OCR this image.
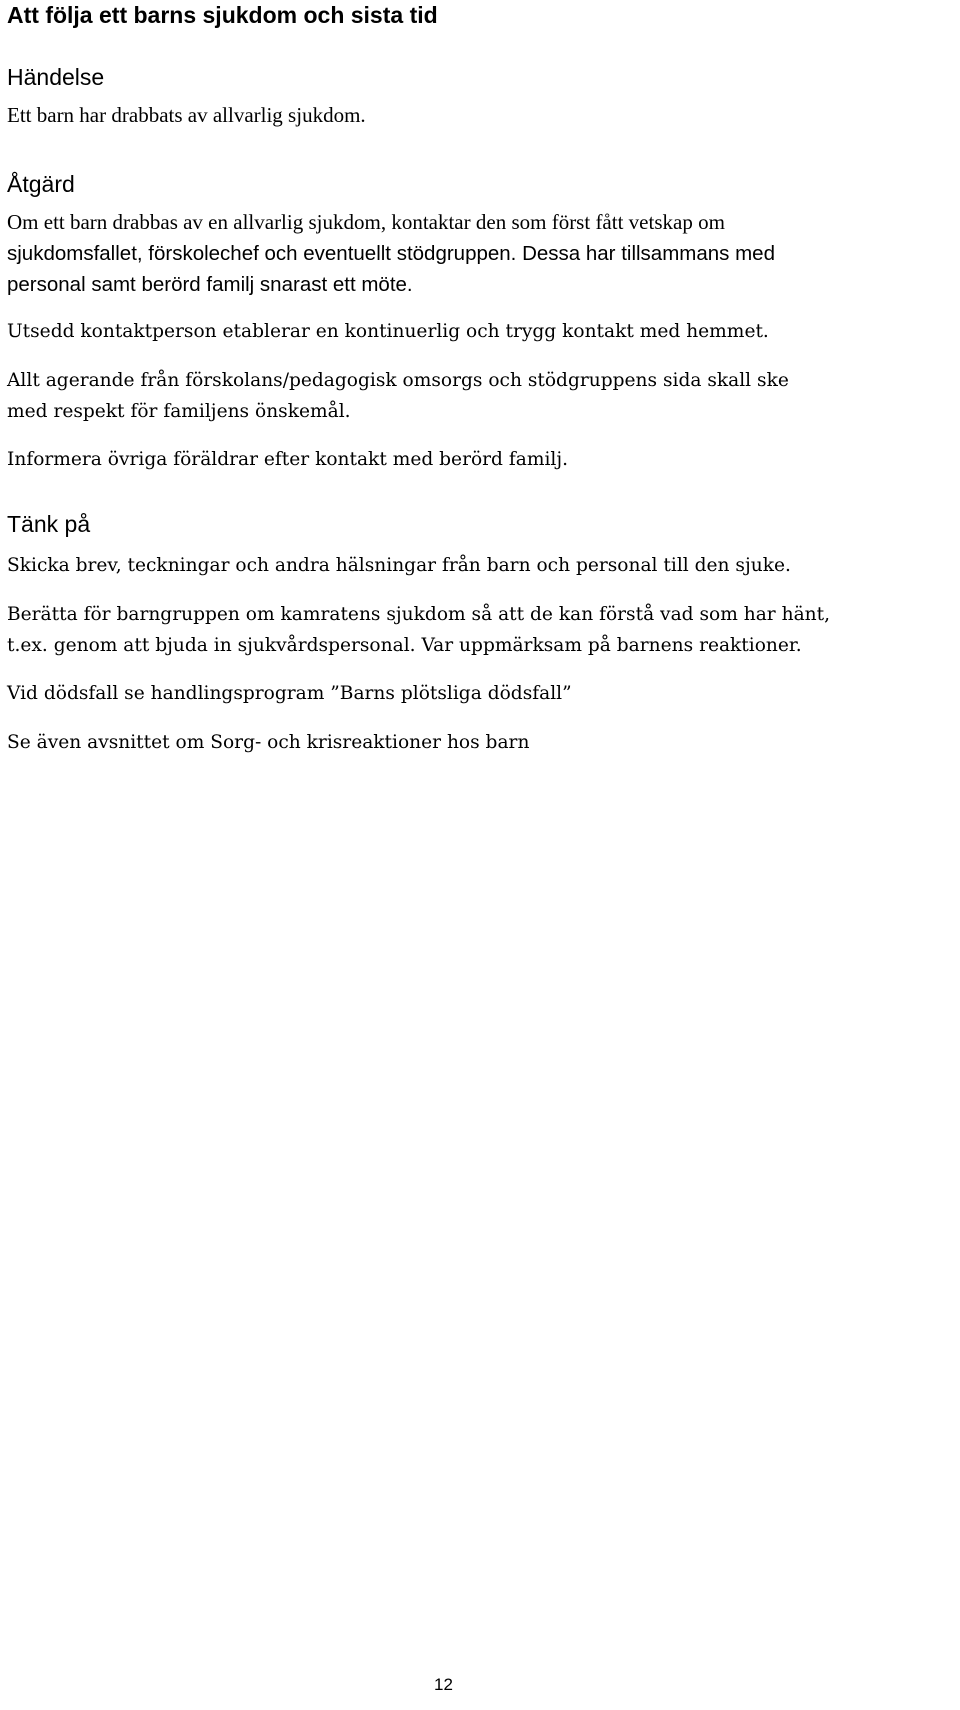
Att följa ett barns sjukdom och sista tid
Händelse

Ett barn har drabbats av allvarlig sjukdom.

Åtgärd

Om ett barn drabbas av en allvarlig sjukdom, kontaktar den som först fått vetskap om

sjukdomsfallet, förskolechef och eventuellt stödgruppen. Dessa har tillsammans med
personal samt berörd familj snarast ett möte.

Utsedd kontaktperson etablerar en kontinuerlig och trygg kontakt med hemmet.

Allt agerande från förskolans/pedagogisk omsorgs och stödgruppens sida skall ske
med respekt för familjens önskemål.

Informera övriga föräldrar efter kontakt med berörd familj.

Tänk på

Skicka brev, teckningar och andra hälsningar från barn och personal till den sjuke.

Berätta för barngruppen om kamratens sjukdom så att de kan förstå vad som har hänt,
t.ex. genom att bjuda in sjukvårdspersonal. Var uppmärksam på barnens reaktioner.

Vid dödsfall se handlingsprogram ”Barns plötsliga dödsfall”

Se även avsnittet om Sorg- och krisreaktioner hos barn

12
